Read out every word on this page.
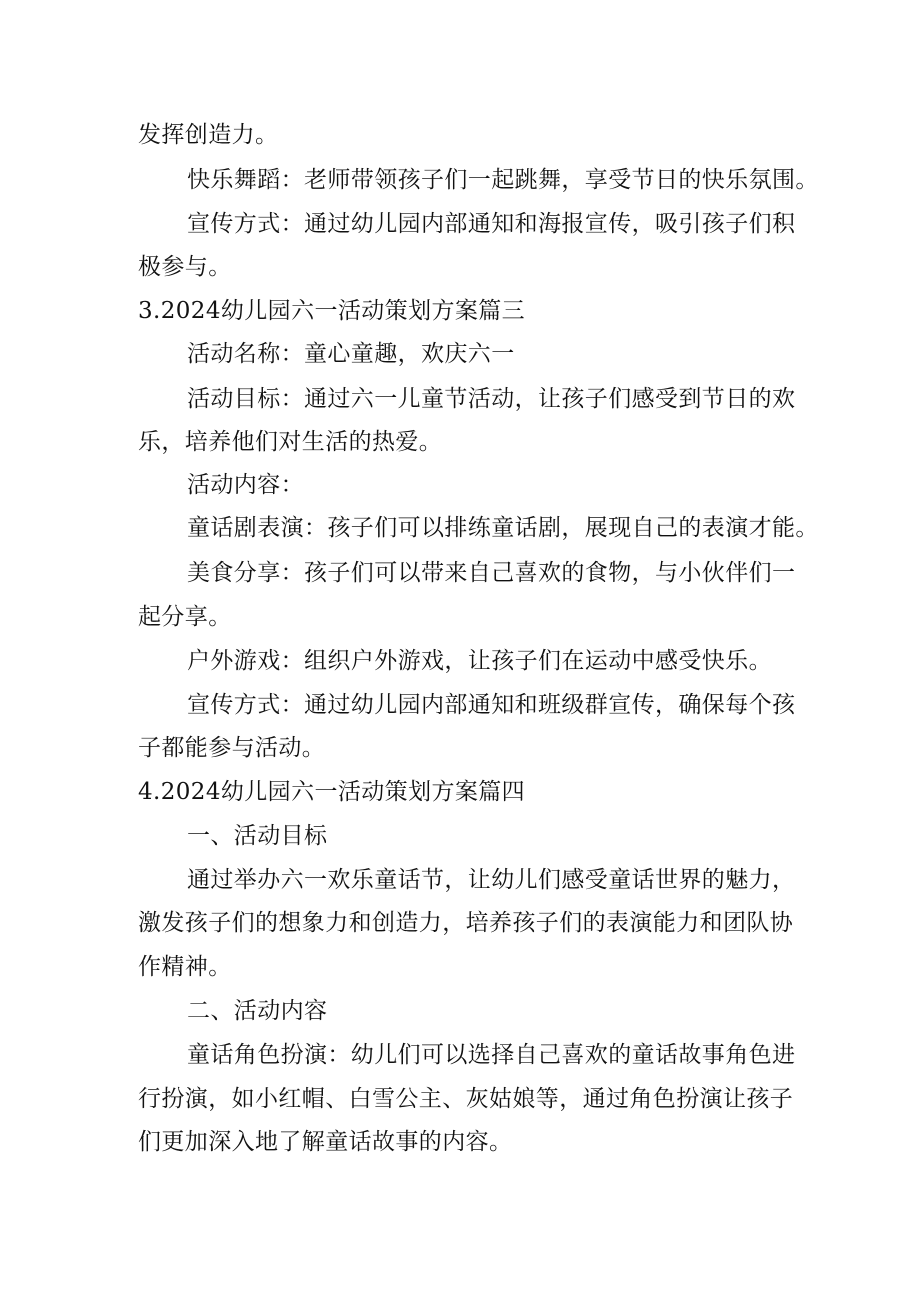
发挥创造力。
快乐舞蹈：老师带领孩子们一起跳舞，享受节日的快乐氛围。
宣传方式：通过幼儿园内部通知和海报宣传，吸引孩子们积
极参与。
3.2024幼儿园六一活动策划方案篇三
活动名称：童心童趣，欢庆六一
活动目标：通过六一儿童节活动，让孩子们感受到节日的欢
乐，培养他们对生活的热爱。
活动内容：
童话剧表演：孩子们可以排练童话剧，展现自己的表演才能。
美食分享：孩子们可以带来自己喜欢的食物，与小伙伴们一
起分享。
户外游戏：组织户外游戏，让孩子们在运动中感受快乐。
宣传方式：通过幼儿园内部通知和班级群宣传，确保每个孩
子都能参与活动。
4.2024幼儿园六一活动策划方案篇四
一、活动目标
通过举办六一欢乐童话节，让幼儿们感受童话世界的魅力，
激发孩子们的想象力和创造力，培养孩子们的表演能力和团队协
作精神。
二、活动内容
童话角色扮演：幼儿们可以选择自己喜欢的童话故事角色进
行扮演，如小红帽、白雪公主、灰姑娘等，通过角色扮演让孩子
们更加深入地了解童话故事的内容。
